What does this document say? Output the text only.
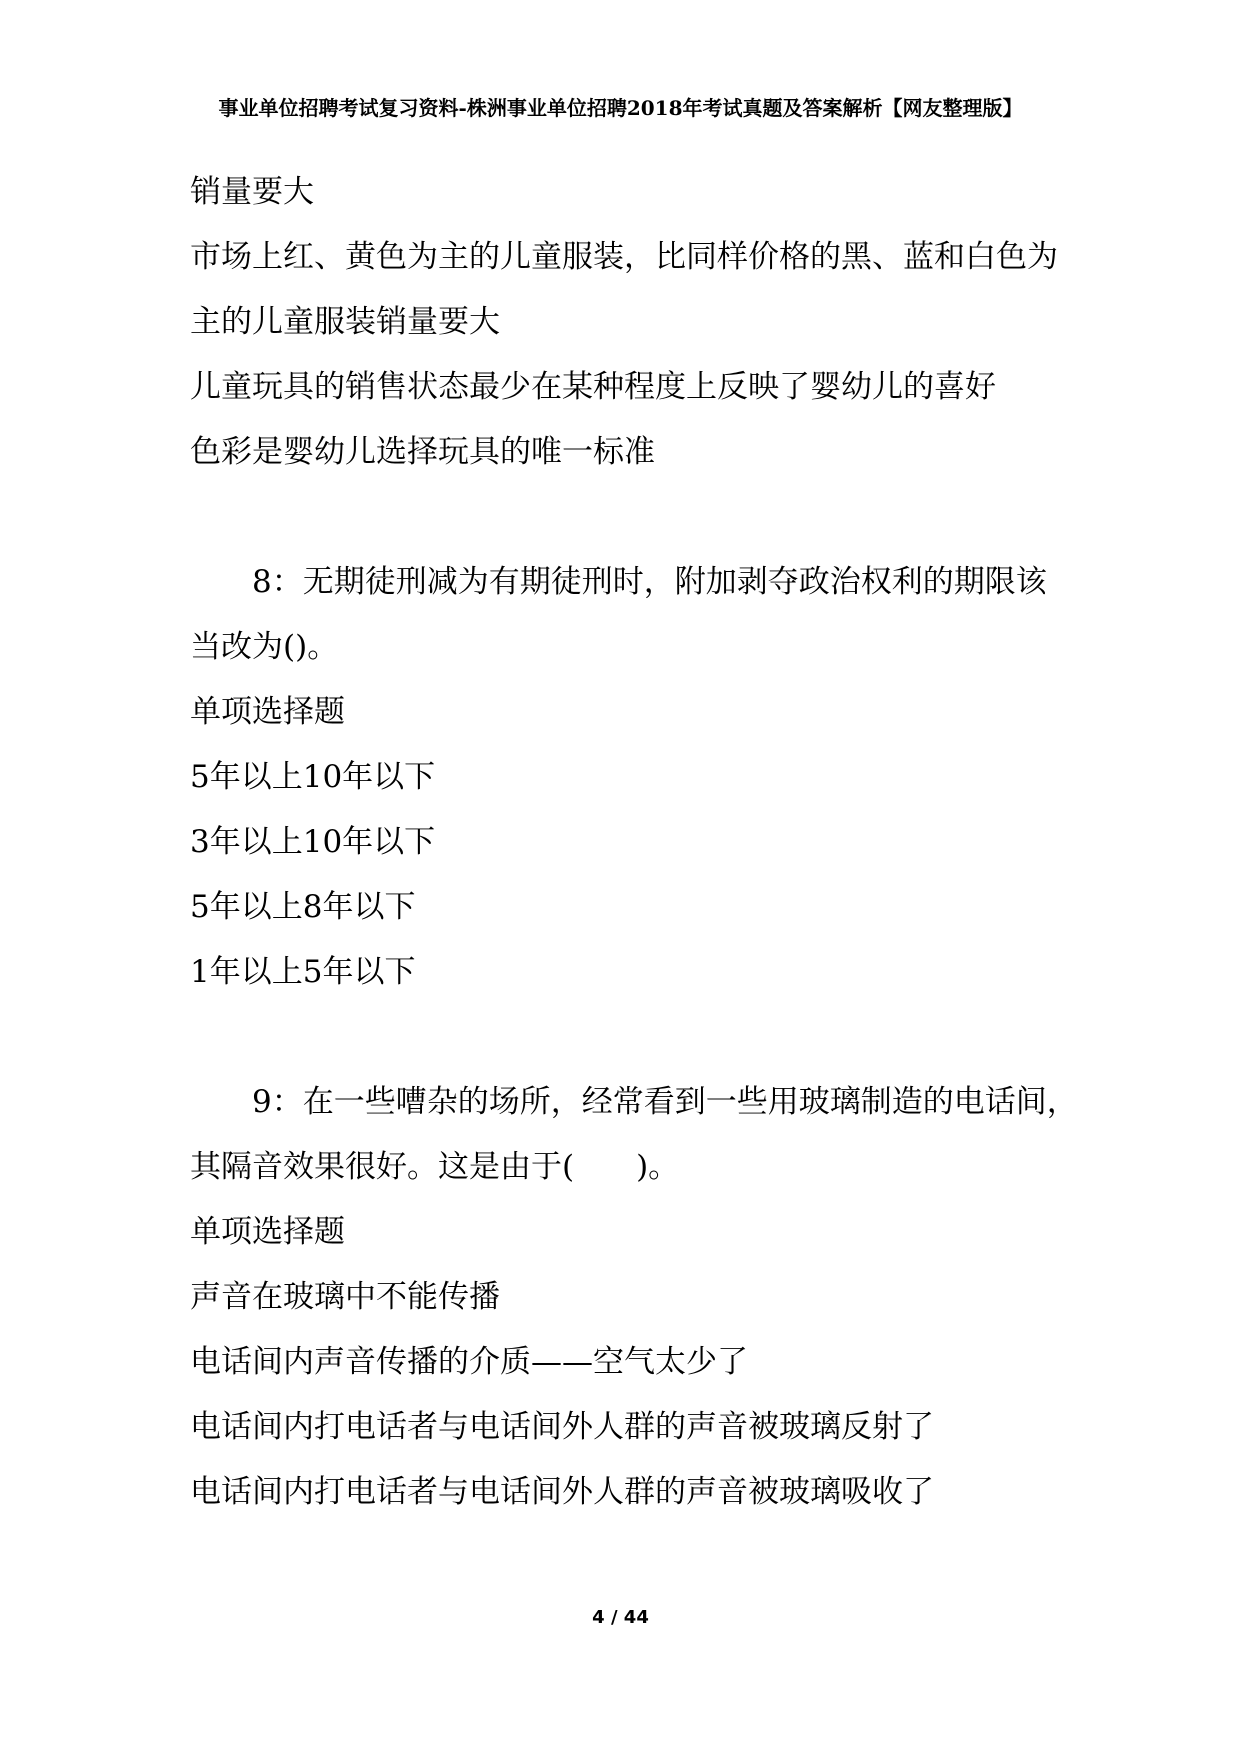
事业单位招聘考试复习资料-株洲事业单位招聘2018年考试真题及答案解析【网友整理版】
销量要大
市场上红、黄色为主的儿童服装，比同样价格的黑、蓝和白色为
主的儿童服装销量要大
儿童玩具的销售状态最少在某种程度上反映了婴幼儿的喜好
色彩是婴幼儿选择玩具的唯一标准
8：无期徒刑减为有期徒刑时，附加剥夺政治权利的期限该
当改为()。
单项选择题
5年以上10年以下
3年以上10年以下
5年以上8年以下
1年以上5年以下
9：在一些嘈杂的场所，经常看到一些用玻璃制造的电话间，
其隔音效果很好。这是由于(　　)。
单项选择题
声音在玻璃中不能传播
电话间内声音传播的介质——空气太少了
电话间内打电话者与电话间外人群的声音被玻璃反射了
电话间内打电话者与电话间外人群的声音被玻璃吸收了
4 / 44
